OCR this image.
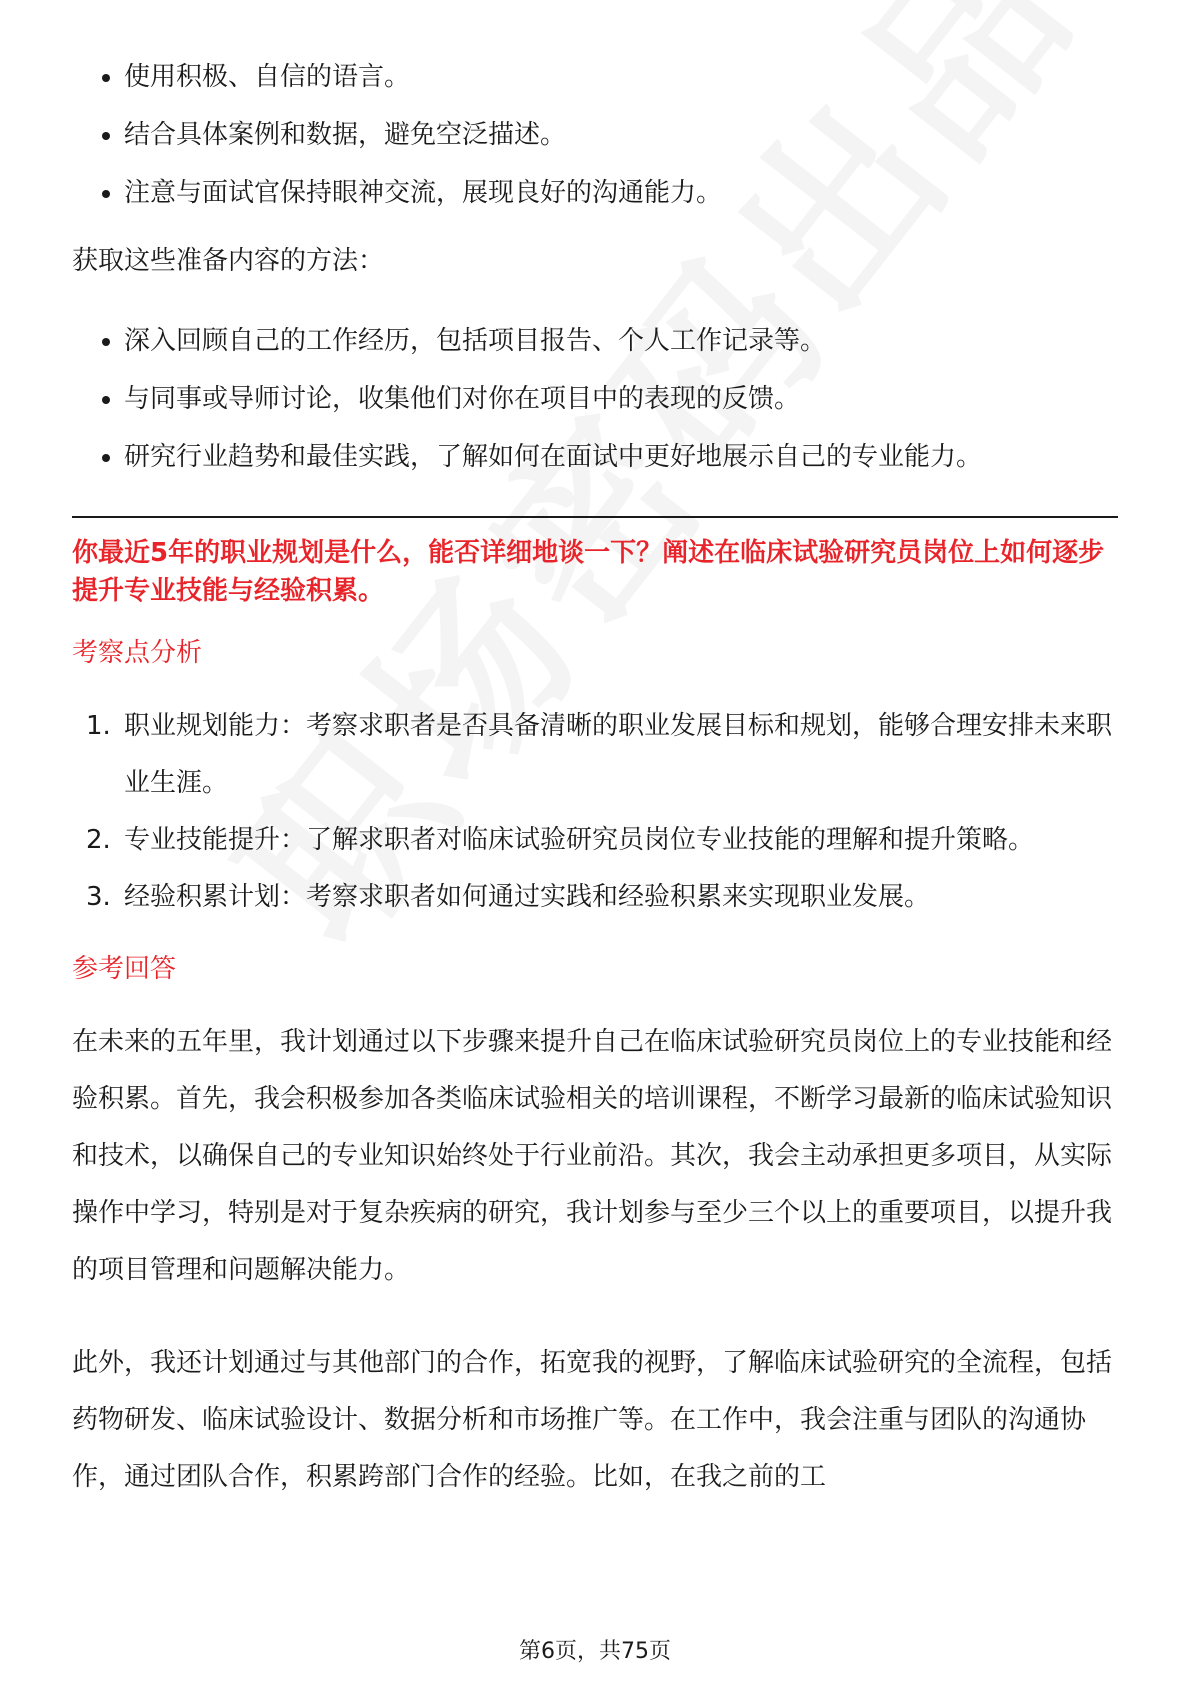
使用积极、自信的语言。
结合具体案例和数据，避免空泛描述。
注意与面试官保持眼神交流，展现良好的沟通能力。

获取这些准备内容的方法：

深入回顾自己的工作经历，包括项目报告、个人工作记录等。
与同事或导师讨论，收集他们对你在项目中的表现的反馈。
研究行业趋势和最佳实践，了解如何在面试中更好地展示自己的专业能力。

你最近5年的职业规划是什么，能否详细地谈一下？阐述在临床试验研究员岗位上如何逐步提升专业技能与经验积累。

考察点分析
1. 职业规划能力：考察求职者是否具备清晰的职业发展目标和规划，能够合理安排未来职业生涯。
2. 专业技能提升：了解求职者对临床试验研究员岗位专业技能的理解和提升策略。
3. 经验积累计划：考察求职者如何通过实践和经验积累来实现职业发展。
参考回答

在未来的五年里，我计划通过以下步骤来提升自己在临床试验研究员岗位上的专业技能和经验积累。首先，我会积极参加各类临床试验相关的培训课程，不断学习最新的临床试验知识和技术，以确保自己的专业知识始终处于行业前沿。其次，我会主动承担更多项目，从实际操作中学习，特别是对于复杂疾病的研究，我计划参与至少三个以上的重要项目，以提升我的项目管理和问题解决能力。

此外，我还计划通过与其他部门的合作，拓宽我的视野，了解临床试验研究的全流程，包括药物研发、临床试验设计、数据分析和市场推广等。在工作中，我会注重与团队的沟通协作，通过团队合作，积累跨部门合作的经验。比如，在我之前的工

第6页，共75页
